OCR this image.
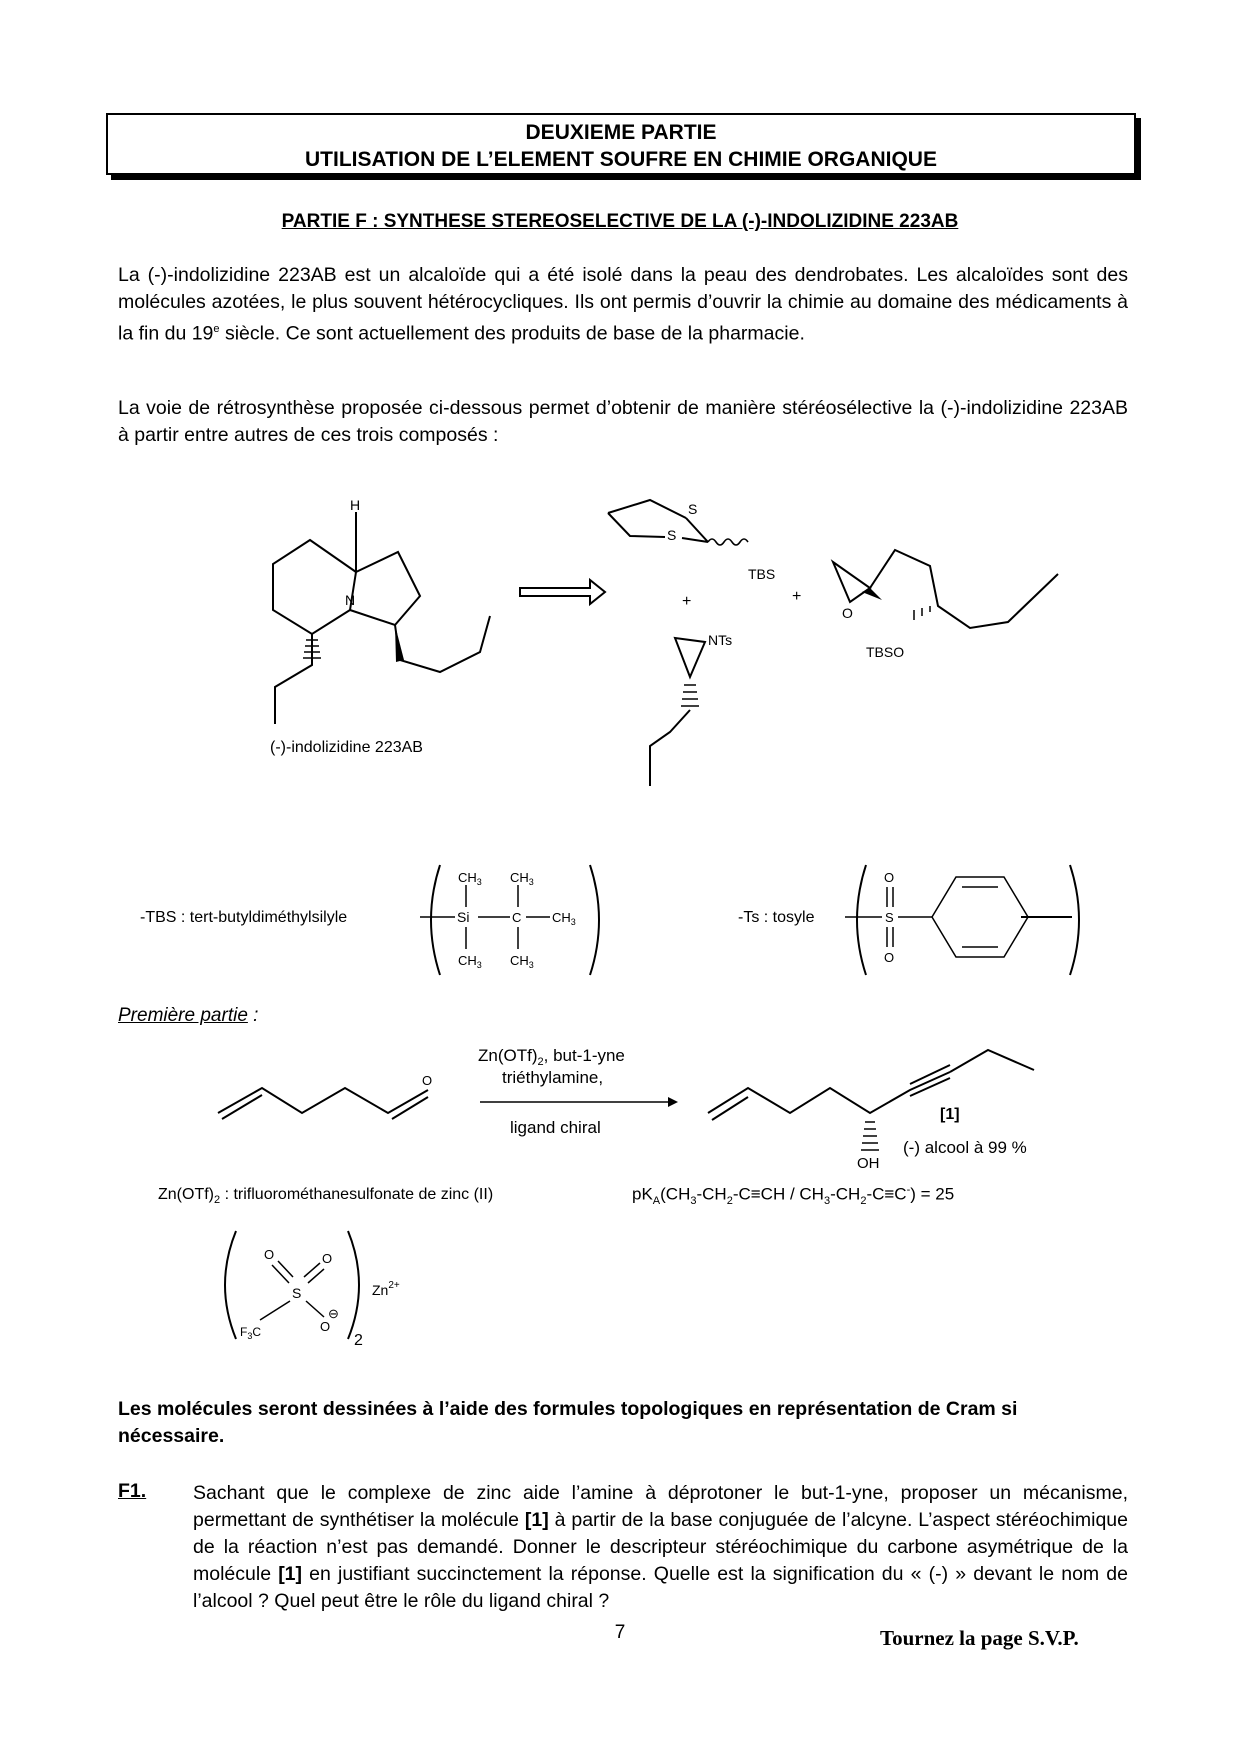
DEUXIEME PARTIE
UTILISATION DE L’ELEMENT SOUFRE EN CHIMIE ORGANIQUE
PARTIE F : SYNTHESE STEREOSELECTIVE DE LA (-)-INDOLIZIDINE 223AB
La (-)-indolizidine 223AB est un alcaloïde qui a été isolé dans la peau des dendrobates. Les alcaloïdes sont des molécules azotées, le plus souvent hétérocycliques. Ils ont permis d’ouvrir la chimie au domaine des médicaments à la fin du 19e siècle. Ce sont actuellement des produits de base de la pharmacie.
La voie de rétrosynthèse proposée ci-dessous permet d’obtenir de manière stéréosélective la (-)-indolizidine 223AB à partir entre autres de ces trois composés :
H
N
(-)-indolizidine 223AB
S
S
TBS
+	+
NTs
O
TBSO
-TBS : tert-butyldiméthylsilyle
$CH_3$ $CH_3$
Si	C $CH_3$
$CH_3$ $CH_3$
-Ts : tosyle
O
S
O
Première partie :
O
$Zn(OTf)_2$, but-1-yne
triéthylamine,
ligand chiral
OH
[1]
(-) alcool à 99 %
$Zn(OTf)_2$ : trifluorométhanesulfonate de zinc (II)	$pK_A(CH_3-CH_2-C\equiv CH / CH_3-CH_2-C\equiv C^-) = 25$
O	O
S
$F_3C$	O
⊖
$Zn^{2+}$
2
Les molécules seront dessinées à l’aide des formules topologiques en représentation de Cram si nécessaire.
F1. Sachant que le complexe de zinc aide l’amine à déprotoner le but-1-yne, proposer un mécanisme, permettant de synthétiser la molécule [1] à partir de la base conjuguée de l’alcyne. L’aspect stéréochimique de la réaction n’est pas demandé. Donner le descripteur stéréochimique du carbone asymétrique de la molécule [1] en justifiant succinctement la réponse. Quelle est la signification du « (-) » devant le nom de l’alcool ? Quel peut être le rôle du ligand chiral ?
7	Tournez la page S.V.P.
